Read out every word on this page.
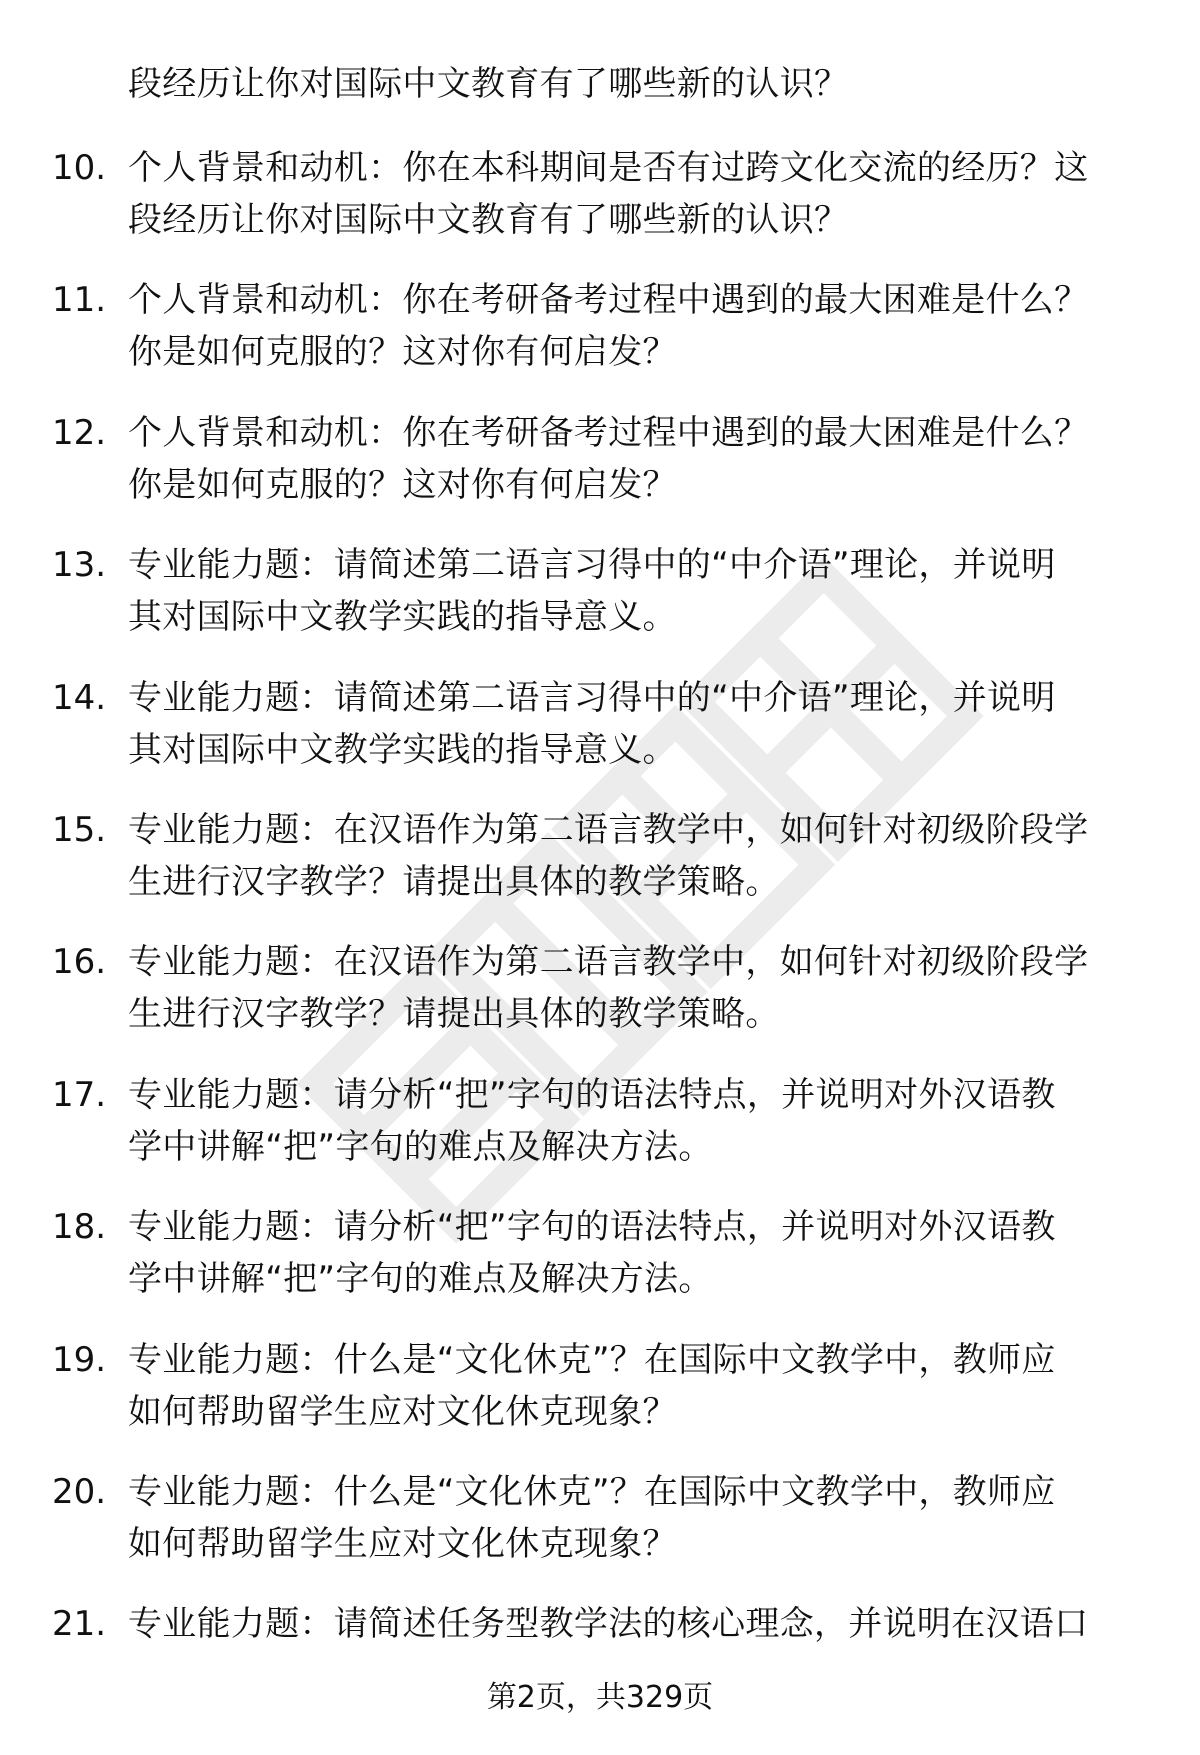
段经历让你对国际中文教育有了哪些新的认识？
10. 个人背景和动机：你在本科期间是否有过跨文化交流的经历？这
段经历让你对国际中文教育有了哪些新的认识？
11. 个人背景和动机：你在考研备考过程中遇到的最大困难是什么？
你是如何克服的？这对你有何启发？
12. 个人背景和动机：你在考研备考过程中遇到的最大困难是什么？
你是如何克服的？这对你有何启发？
13. 专业能力题：请简述第二语言习得中的“中介语”理论，并说明
其对国际中文教学实践的指导意义。
14. 专业能力题：请简述第二语言习得中的“中介语”理论，并说明
其对国际中文教学实践的指导意义。
15. 专业能力题：在汉语作为第二语言教学中，如何针对初级阶段学
生进行汉字教学？请提出具体的教学策略。
16. 专业能力题：在汉语作为第二语言教学中，如何针对初级阶段学
生进行汉字教学？请提出具体的教学策略。
17. 专业能力题：请分析“把”字句的语法特点，并说明对外汉语教
学中讲解“把”字句的难点及解决方法。
18. 专业能力题：请分析“把”字句的语法特点，并说明对外汉语教
学中讲解“把”字句的难点及解决方法。
19. 专业能力题：什么是“文化休克”？在国际中文教学中，教师应
如何帮助留学生应对文化休克现象？
20. 专业能力题：什么是“文化休克”？在国际中文教学中，教师应
如何帮助留学生应对文化休克现象？
21. 专业能力题：请简述任务型教学法的核心理念，并说明在汉语口
第2页，共329页
